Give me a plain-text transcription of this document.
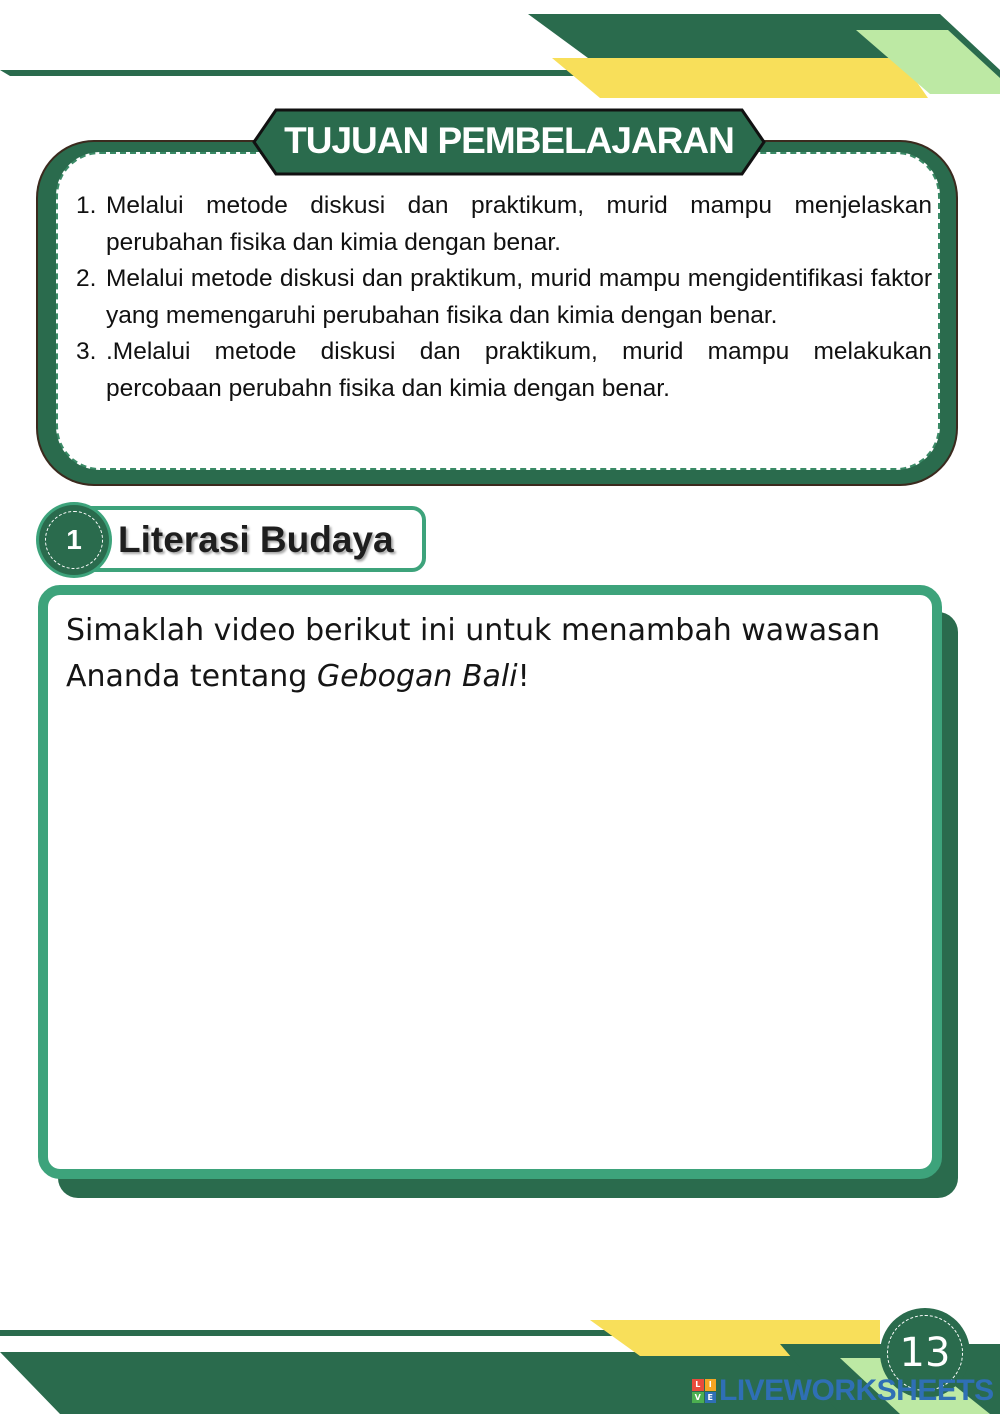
TUJUAN PEMBELAJARAN
1. Melalui metode diskusi dan praktikum, murid mampu menjelaskan perubahan fisika dan kimia dengan benar.
2. Melalui metode diskusi dan praktikum, murid mampu mengidentifikasi faktor yang memengaruhi perubahan fisika dan kimia dengan benar.
3. .Melalui metode diskusi dan praktikum, murid mampu melakukan percobaan perubahn fisika dan kimia dengan benar.
1 Literasi Budaya
Simaklah video berikut ini untuk menambah wawasan Ananda tentang Gebogan Bali!
13
L	I
V E LIVEWORKSHEETS
